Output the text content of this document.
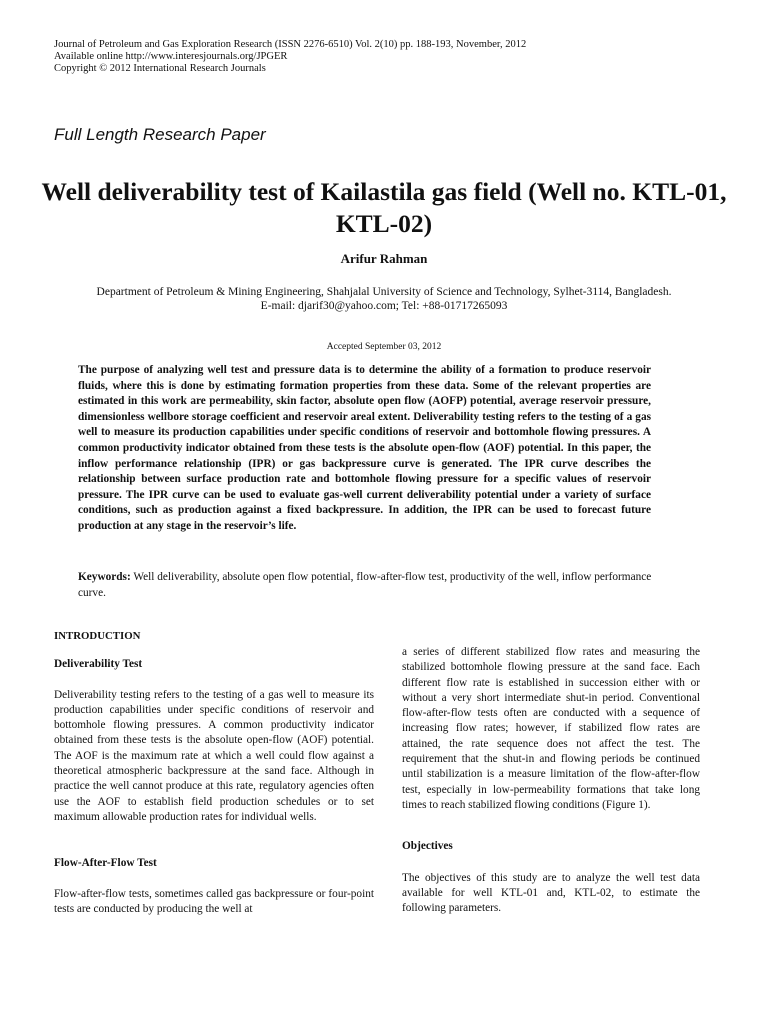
Journal of Petroleum and Gas Exploration Research (ISSN 2276-6510) Vol. 2(10) pp. 188-193, November, 2012
Available online http://www.interesjournals.org/JPGER
Copyright © 2012 International Research Journals
Full Length Research Paper
Well deliverability test of Kailastila gas field (Well no. KTL-01, KTL-02)
Arifur Rahman
Department of Petroleum & Mining Engineering, Shahjalal University of Science and Technology, Sylhet-3114, Bangladesh.
E-mail: djarif30@yahoo.com; Tel: +88-01717265093
Accepted September 03, 2012
The purpose of analyzing well test and pressure data is to determine the ability of a formation to produce reservoir fluids, where this is done by estimating formation properties from these data. Some of the relevant properties are estimated in this work are permeability, skin factor, absolute open flow (AOFP) potential, average reservoir pressure, dimensionless wellbore storage coefficient and reservoir areal extent. Deliverability testing refers to the testing of a gas well to measure its production capabilities under specific conditions of reservoir and bottomhole flowing pressures. A common productivity indicator obtained from these tests is the absolute open-flow (AOF) potential. In this paper, the inflow performance relationship (IPR) or gas backpressure curve is generated. The IPR curve describes the relationship between surface production rate and bottomhole flowing pressure for a specific values of reservoir pressure. The IPR curve can be used to evaluate gas-well current deliverability potential under a variety of surface conditions, such as production against a fixed backpressure. In addition, the IPR can be used to forecast future production at any stage in the reservoir’s life.
Keywords: Well deliverability, absolute open flow potential, flow-after-flow test, productivity of the well, inflow performance curve.
INTRODUCTION
Deliverability Test
Deliverability testing refers to the testing of a gas well to measure its production capabilities under specific conditions of reservoir and bottomhole flowing pressures. A common productivity indicator obtained from these tests is the absolute open-flow (AOF) potential. The AOF is the maximum rate at which a well could flow against a theoretical atmospheric backpressure at the sand face. Although in practice the well cannot produce at this rate, regulatory agencies often use the AOF to establish field production schedules or to set maximum allowable production rates for individual wells.
Flow-After-Flow Test
Flow-after-flow tests, sometimes called gas backpressure or four-point tests are conducted by producing the well at
a series of different stabilized flow rates and measuring the stabilized bottomhole flowing pressure at the sand face. Each different flow rate is established in succession either with or without a very short intermediate shut-in period. Conventional flow-after-flow tests often are conducted with a sequence of increasing flow rates; however, if stabilized flow rates are attained, the rate sequence does not affect the test. The requirement that the shut-in and flowing periods be continued until stabilization is a measure limitation of the flow-after-flow test, especially in low-permeability formations that take long times to reach stabilized flowing conditions (Figure 1).
Objectives
The objectives of this study are to analyze the well test data available for well KTL-01 and, KTL-02, to estimate the following parameters.
